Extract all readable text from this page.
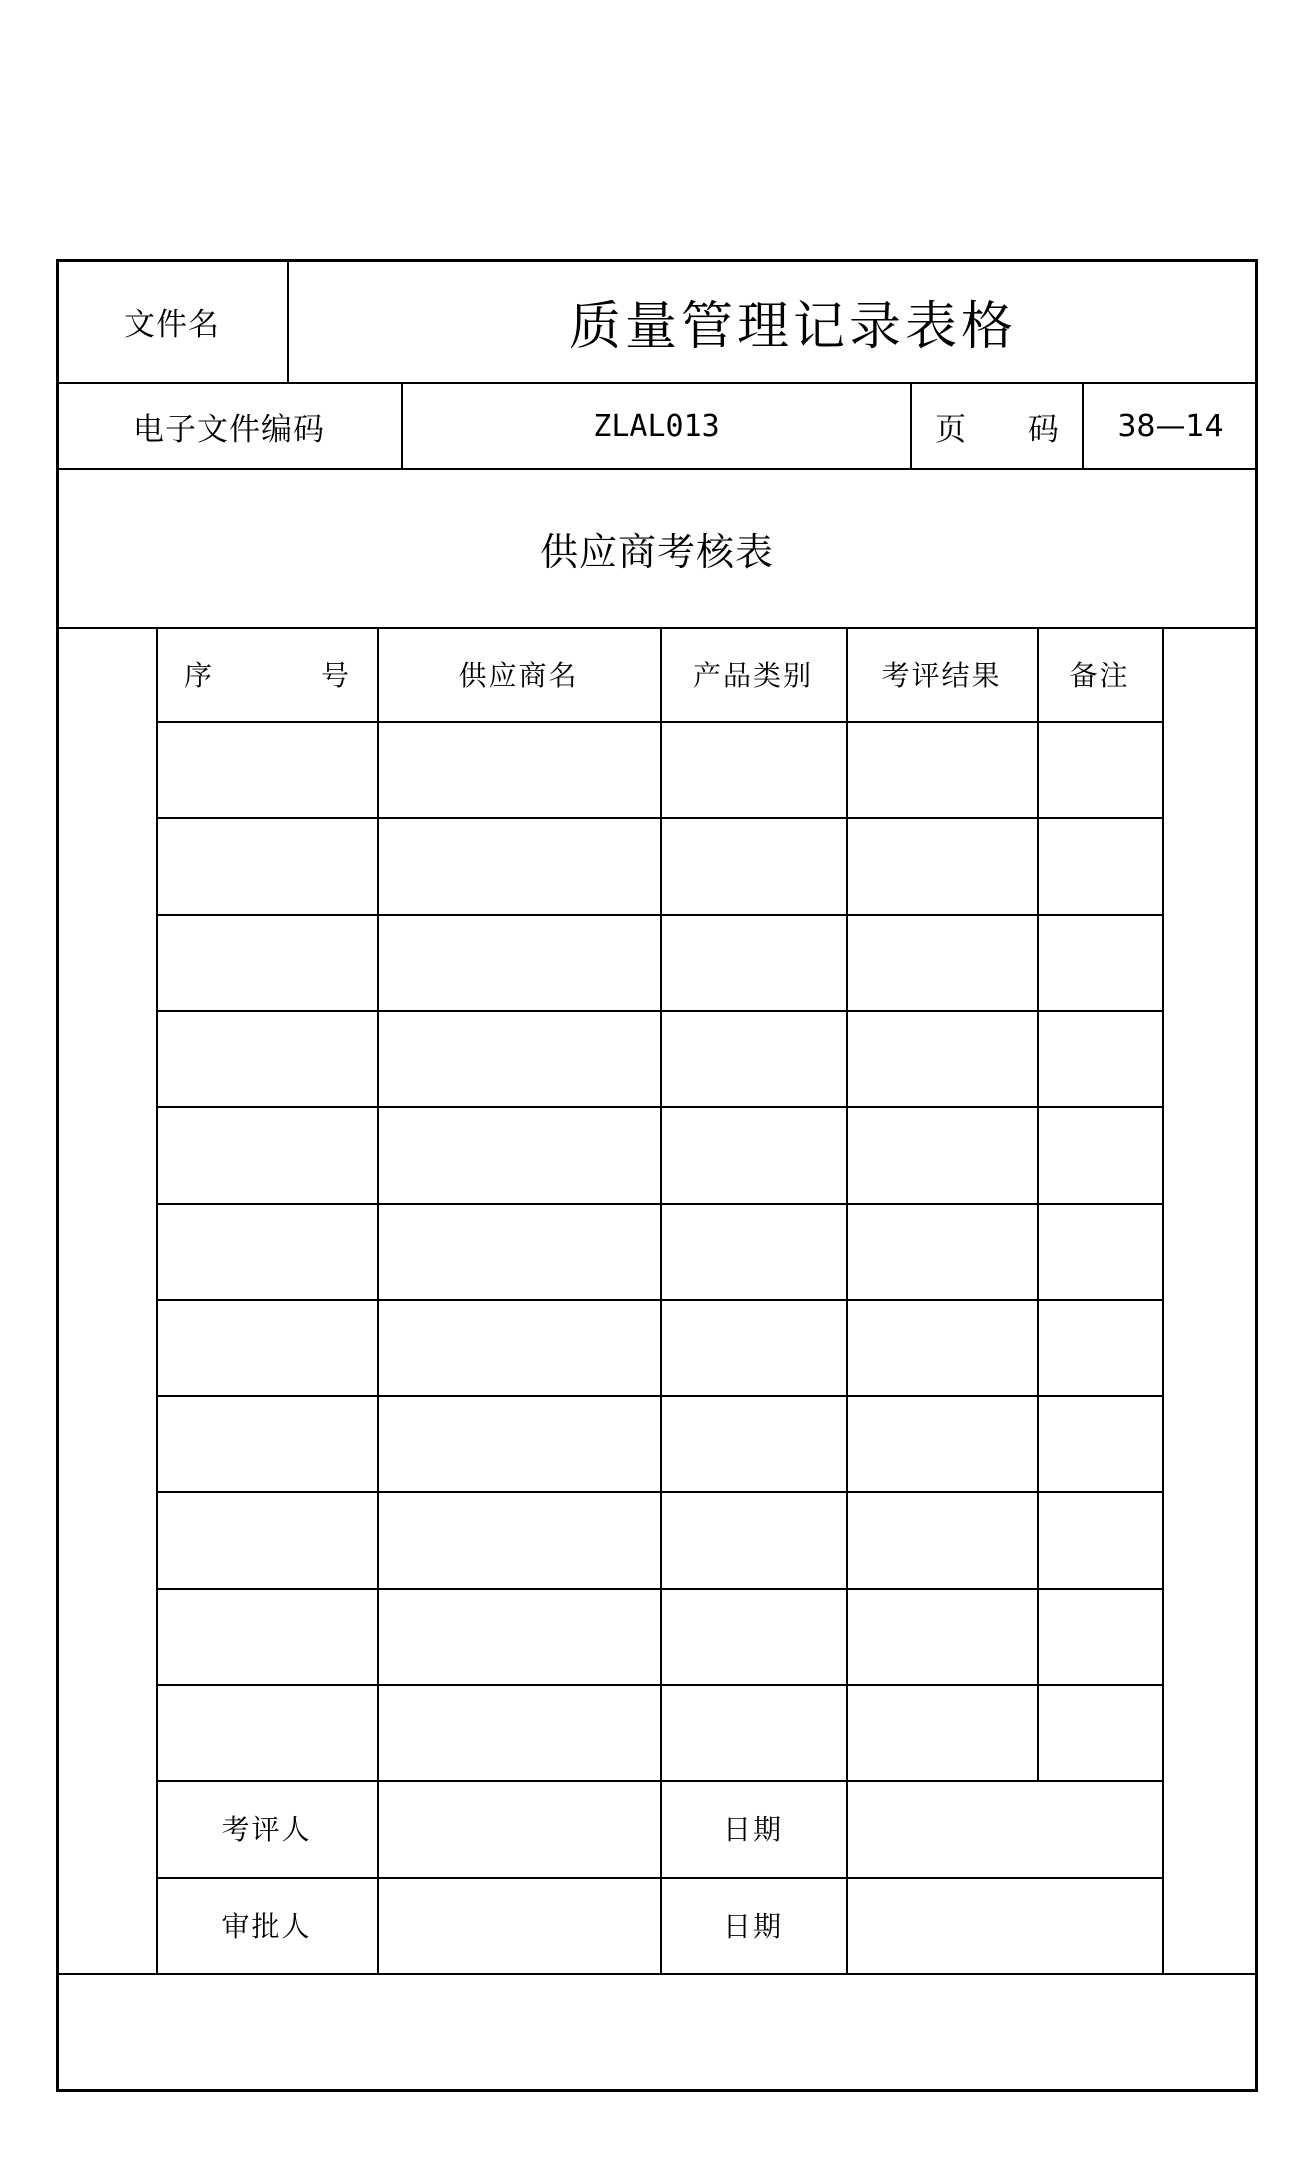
文件名	质量管理记录表格
电子文件编码	ZLAL013	页 码	38—14
供应商考核表
序 号	供应商名	产品类别	考评结果	备注
考评人	日期
审批人	日期
